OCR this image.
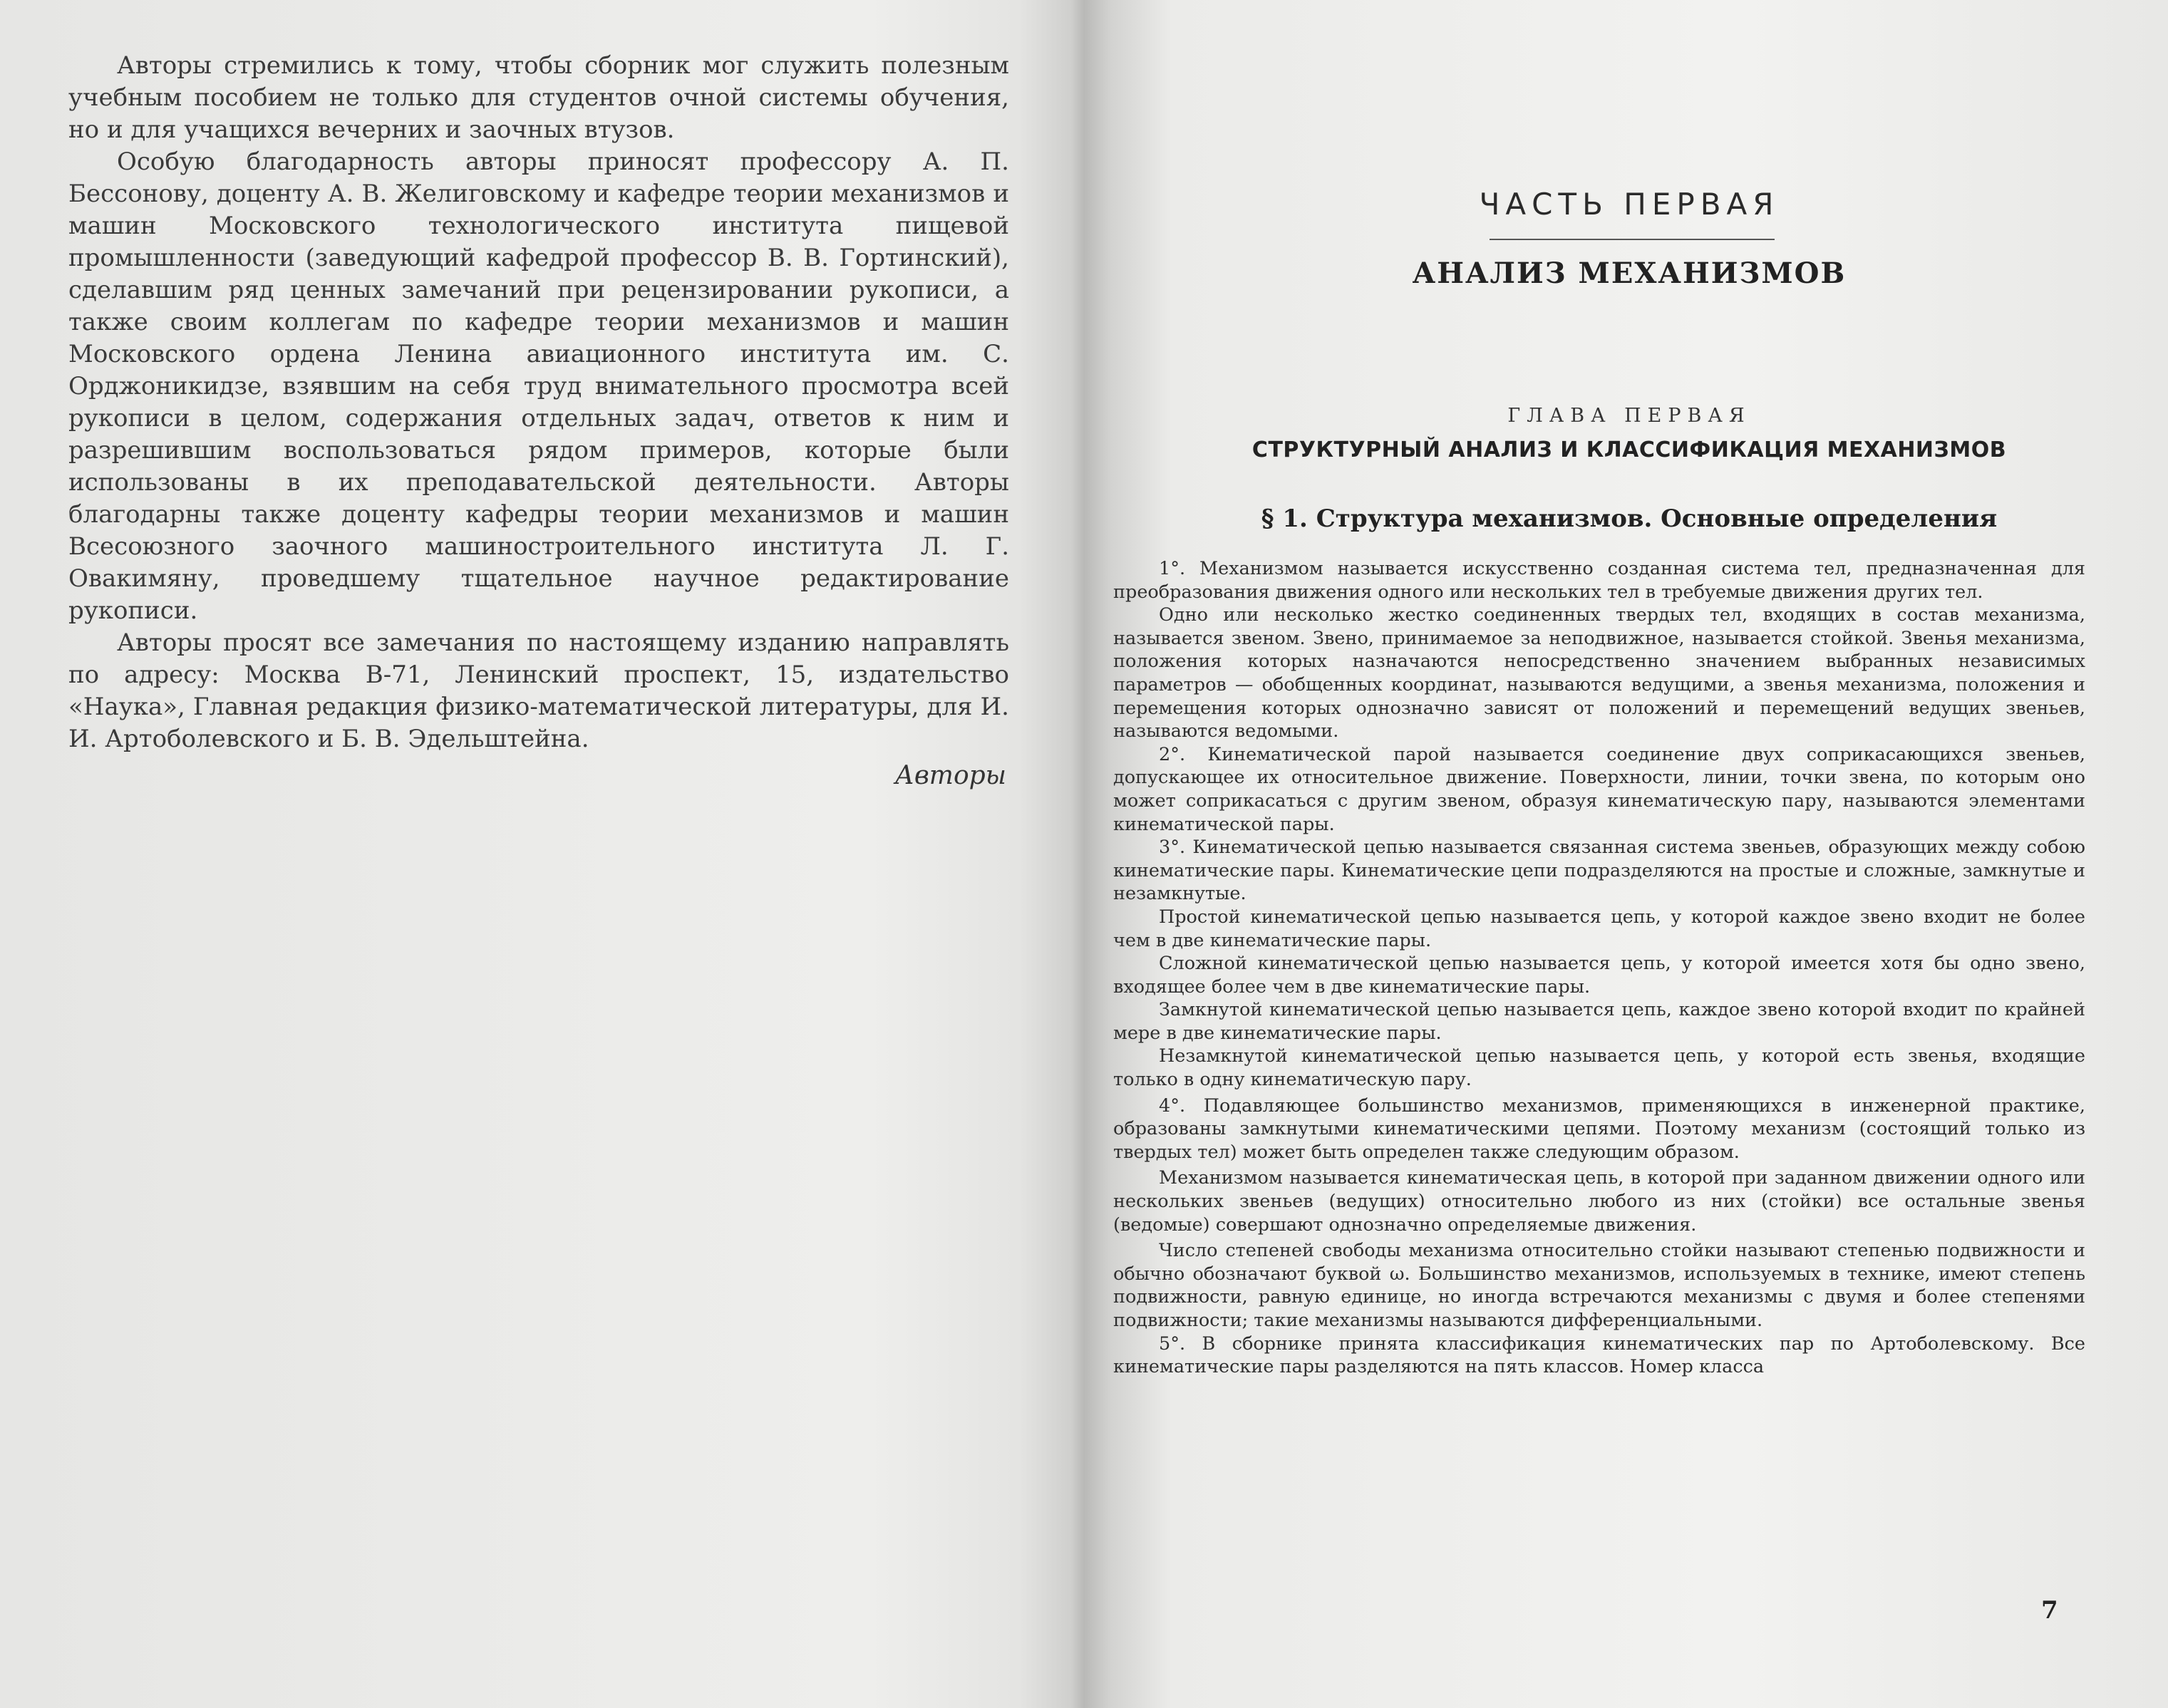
Авторы стремились к тому, чтобы сборник мог служить полезным учебным пособием не только для студентов очной системы обучения, но и для учащихся вечерних и заочных втузов.

Особую благодарность авторы приносят профессору А. П. Бессонову, доценту А. В. Желиговскому и кафедре теории механизмов и машин Московского технологического института пищевой промышленности (заведующий кафедрой профессор В. В. Гортинский), сделавшим ряд ценных замечаний при рецензировании рукописи, а также своим коллегам по кафедре теории механизмов и машин Московского ордена Ленина авиационного института им. С. Орджоникидзе, взявшим на себя труд внимательного просмотра всей рукописи в целом, содержания отдельных задач, ответов к ним и разрешившим воспользоваться рядом примеров, которые были использованы в их преподавательской деятельности. Авторы благодарны также доценту кафедры теории механизмов и машин Всесоюзного заочного машиностроительного института Л. Г. Овакимяну, проведшему тщательное научное редактирование рукописи.

Авторы просят все замечания по настоящему изданию направлять по адресу: Москва В-71, Ленинский проспект, 15, издательство «Наука», Главная редакция физико-математической литературы, для И. И. Артоболевского и Б. В. Эдельштейна.

Авторы
ЧАСТЬ ПЕРВАЯ
АНАЛИЗ МЕХАНИЗМОВ
ГЛАВА ПЕРВАЯ
СТРУКТУРНЫЙ АНАЛИЗ И КЛАССИФИКАЦИЯ МЕХАНИЗМОВ
§ 1. Структура механизмов. Основные определения

1°. Механизмом называется искусственно созданная система тел, предназначенная для преобразования движения одного или нескольких тел в требуемые движения других тел.

Одно или несколько жестко соединенных твердых тел, входящих в состав механизма, называется звеном. Звено, принимаемое за неподвижное, называется стойкой. Звенья механизма, положения которых назначаются непосредственно значением выбранных независимых параметров — обобщенных координат, называются ведущими, а звенья механизма, положения и перемещения которых однозначно зависят от положений и перемещений ведущих звеньев, называются ведомыми.

2°. Кинематической парой называется соединение двух соприкасающихся звеньев, допускающее их относительное движение. Поверхности, линии, точки звена, по которым оно может соприкасаться с другим звеном, образуя кинематическую пару, называются элементами кинематической пары.

3°. Кинематической цепью называется связанная система звеньев, образующих между собою кинематические пары. Кинематические цепи подразделяются на простые и сложные, замкнутые и незамкнутые.

Простой кинематической цепью называется цепь, у которой каждое звено входит не более чем в две кинематические пары.

Сложной кинематической цепью называется цепь, у которой имеется хотя бы одно звено, входящее более чем в две кинематические пары.

Замкнутой кинематической цепью называется цепь, каждое звено которой входит по крайней мере в две кинематические пары.

Незамкнутой кинематической цепью называется цепь, у которой есть звенья, входящие только в одну кинематическую пару.

4°. Подавляющее большинство механизмов, применяющихся в инженерной практике, образованы замкнутыми кинематическими цепями. Поэтому механизм (состоящий только из твердых тел) может быть определен также следующим образом.

Механизмом называется кинематическая цепь, в которой при заданном движении одного или нескольких звеньев (ведущих) относительно любого из них (стойки) все остальные звенья (ведомые) совершают однозначно определяемые движения.

Число степеней свободы механизма относительно стойки называют степенью подвижности и обычно обозначают буквой ω. Большинство механизмов, используемых в технике, имеют степень подвижности, равную единице, но иногда встречаются механизмы с двумя и более степенями подвижности; такие механизмы называются дифференциальными.

5°. В сборнике принята классификация кинематических пар по Артоболевскому. Все кинематические пары разделяются на пять классов. Номер класса

7
